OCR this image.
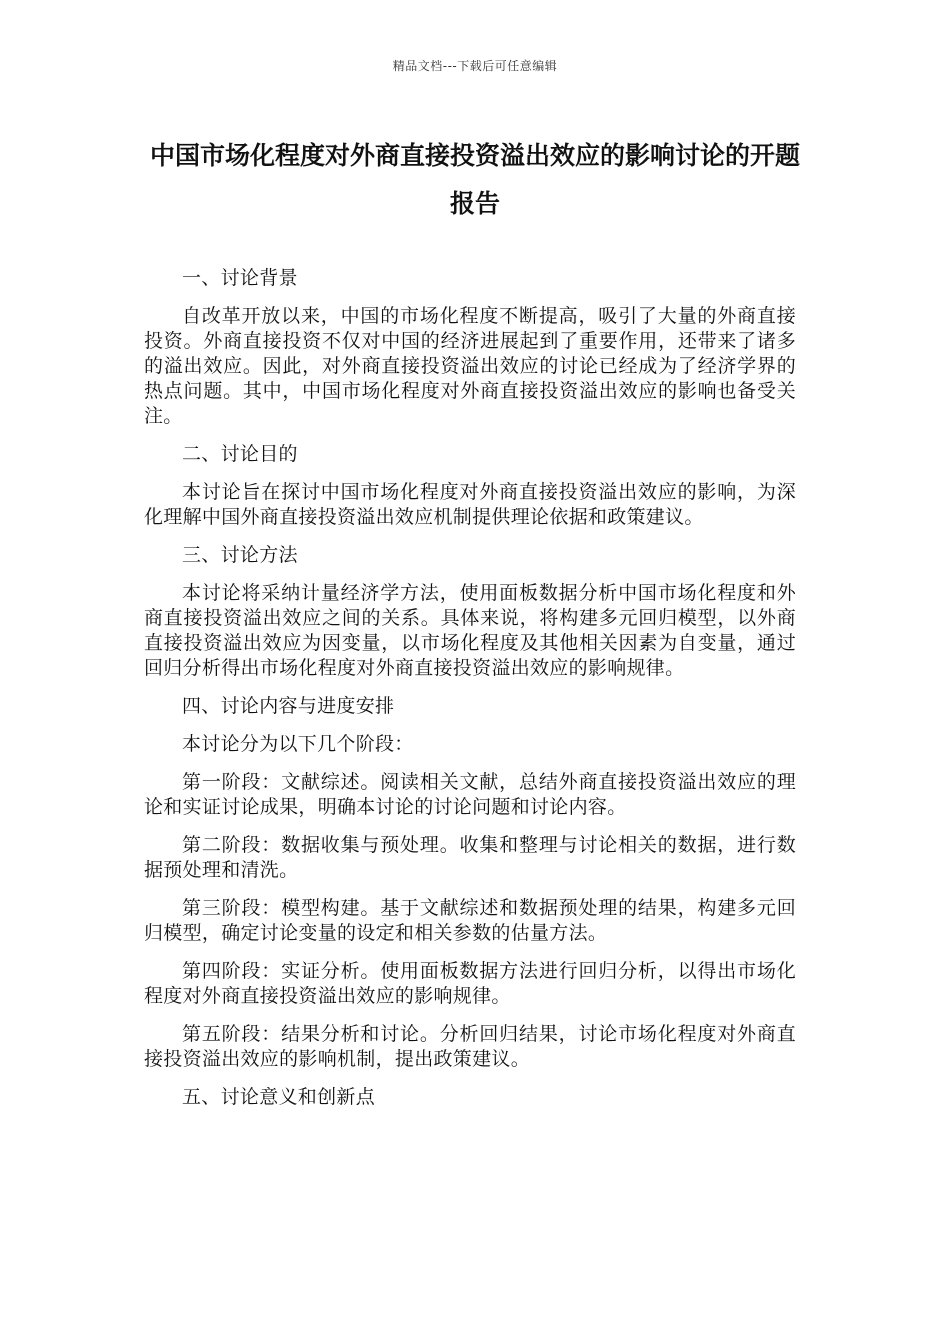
精品文档---下载后可任意编辑
中国市场化程度对外商直接投资溢出效应的影响讨论的开题报告

一、讨论背景

自改革开放以来，中国的市场化程度不断提高，吸引了大量的外商直接投资。外商直接投资不仅对中国的经济进展起到了重要作用，还带来了诸多的溢出效应。因此，对外商直接投资溢出效应的讨论已经成为了经济学界的热点问题。其中，中国市场化程度对外商直接投资溢出效应的影响也备受关注。

二、讨论目的

本讨论旨在探讨中国市场化程度对外商直接投资溢出效应的影响，为深化理解中国外商直接投资溢出效应机制提供理论依据和政策建议。

三、讨论方法

本讨论将采纳计量经济学方法，使用面板数据分析中国市场化程度和外商直接投资溢出效应之间的关系。具体来说，将构建多元回归模型，以外商直接投资溢出效应为因变量，以市场化程度及其他相关因素为自变量，通过回归分析得出市场化程度对外商直接投资溢出效应的影响规律。

四、讨论内容与进度安排

本讨论分为以下几个阶段：

第一阶段：文献综述。阅读相关文献，总结外商直接投资溢出效应的理论和实证讨论成果，明确本讨论的讨论问题和讨论内容。

第二阶段：数据收集与预处理。收集和整理与讨论相关的数据，进行数据预处理和清洗。

第三阶段：模型构建。基于文献综述和数据预处理的结果，构建多元回归模型，确定讨论变量的设定和相关参数的估量方法。

第四阶段：实证分析。使用面板数据方法进行回归分析，以得出市场化程度对外商直接投资溢出效应的影响规律。

第五阶段：结果分析和讨论。分析回归结果，讨论市场化程度对外商直接投资溢出效应的影响机制，提出政策建议。

五、讨论意义和创新点
